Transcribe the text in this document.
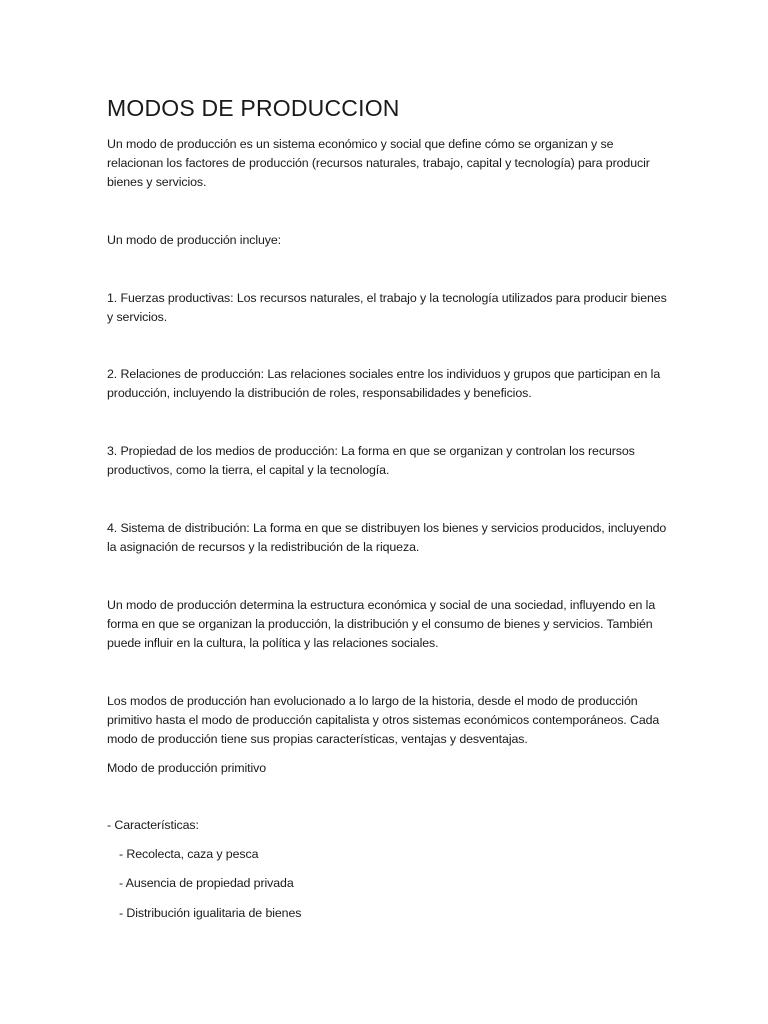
MODOS DE PRODUCCION

Un modo de producción es un sistema económico y social que define cómo se organizan y se relacionan los factores de producción (recursos naturales, trabajo, capital y tecnología) para producir bienes y servicios.

Un modo de producción incluye:

1. Fuerzas productivas: Los recursos naturales, el trabajo y la tecnología utilizados para producir bienes y servicios.

2. Relaciones de producción: Las relaciones sociales entre los individuos y grupos que participan en la producción, incluyendo la distribución de roles, responsabilidades y beneficios.

3. Propiedad de los medios de producción: La forma en que se organizan y controlan los recursos productivos, como la tierra, el capital y la tecnología.

4. Sistema de distribución: La forma en que se distribuyen los bienes y servicios producidos, incluyendo la asignación de recursos y la redistribución de la riqueza.

Un modo de producción determina la estructura económica y social de una sociedad, influyendo en la forma en que se organizan la producción, la distribución y el consumo de bienes y servicios. También puede influir en la cultura, la política y las relaciones sociales.

Los modos de producción han evolucionado a lo largo de la historia, desde el modo de producción primitivo hasta el modo de producción capitalista y otros sistemas económicos contemporáneos. Cada modo de producción tiene sus propias características, ventajas y desventajas.

Modo de producción primitivo

- Características:

- Recolecta, caza y pesca

- Ausencia de propiedad privada

- Distribución igualitaria de bienes
